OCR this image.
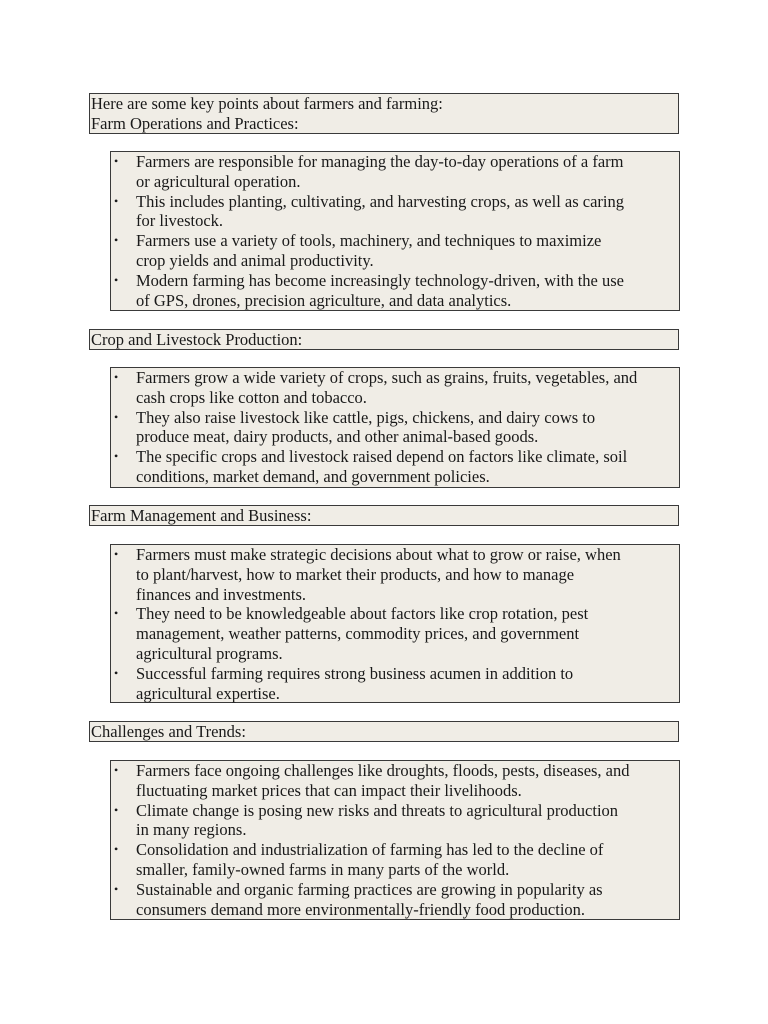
Here are some key points about farmers and farming:
Farm Operations and Practices:
• Farmers are responsible for managing the day-to-day operations of a farm
or agricultural operation.
• This includes planting, cultivating, and harvesting crops, as well as caring
for livestock.
• Farmers use a variety of tools, machinery, and techniques to maximize
crop yields and animal productivity.
• Modern farming has become increasingly technology-driven, with the use
of GPS, drones, precision agriculture, and data analytics.
Crop and Livestock Production:
• Farmers grow a wide variety of crops, such as grains, fruits, vegetables, and
cash crops like cotton and tobacco.
• They also raise livestock like cattle, pigs, chickens, and dairy cows to
produce meat, dairy products, and other animal-based goods.
• The specific crops and livestock raised depend on factors like climate, soil
conditions, market demand, and government policies.
Farm Management and Business:
• Farmers must make strategic decisions about what to grow or raise, when
to plant/harvest, how to market their products, and how to manage
finances and investments.
• They need to be knowledgeable about factors like crop rotation, pest
management, weather patterns, commodity prices, and government
agricultural programs.
• Successful farming requires strong business acumen in addition to
agricultural expertise.
Challenges and Trends:
• Farmers face ongoing challenges like droughts, floods, pests, diseases, and
fluctuating market prices that can impact their livelihoods.
• Climate change is posing new risks and threats to agricultural production
in many regions.
• Consolidation and industrialization of farming has led to the decline of
smaller, family-owned farms in many parts of the world.
• Sustainable and organic farming practices are growing in popularity as
consumers demand more environmentally-friendly food production.
